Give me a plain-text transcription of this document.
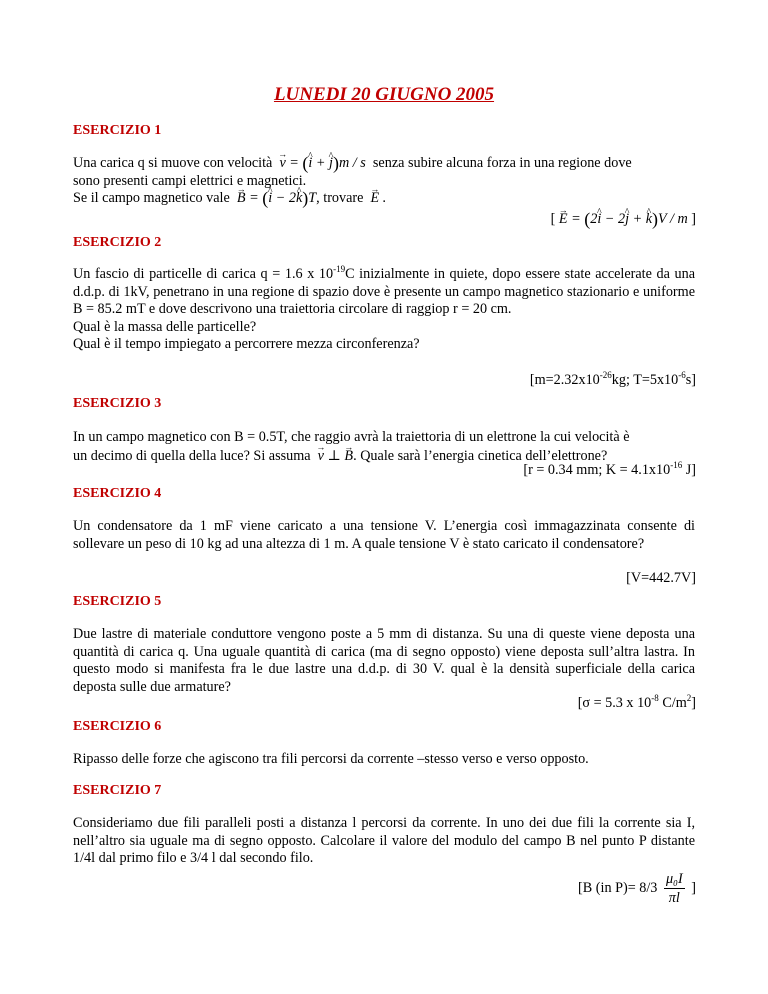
LUNEDI 20 GIUGNO 2005
ESERCIZIO 1
Una carica q si muove con velocità → v = (^ i + ^ j)m / s  senza subire alcuna forza in una regione dove
sono presenti campi elettrici e magnetici.
Se il campo magnetico vale → B = (^ i − 2^ k)T, trovare → E .
[ → E = (2^ i − 2^ j + ^ k)V / m ]
ESERCIZIO 2
Un fascio di particelle di carica q = 1.6 x $10^{-19}C$ inizialmente in quiete, dopo essere state accelerate da una d.d.p. di 1kV, penetrano in una regione di spazio dove è presente un campo magnetico stazionario e uniforme B = 85.2 mT e dove descrivono una traiettoria circolare di raggiop r = 20 cm.
Qual è la massa delle particelle?
Qual è il tempo impiegato a percorrere mezza circonferenza?
[$m=2.32x10^{-26}kg$; $T=5x10^{-6}s$]
ESERCIZIO 3
In un campo magnetico con B = 0.5T, che raggio avrà la traiettoria di un elettrone la cui velocità è
un decimo di quella della luce? Si assuma → v ⊥ → B. Quale sarà l’energia cinetica dell’elettrone?
[r = 0.34 mm; $K = 4.1x10^{-16}$ J]
ESERCIZIO 4
Un condensatore da 1 mF viene caricato a una tensione V. L’energia così immagazzinata consente di sollevare un peso di 10 kg ad una altezza di 1 m. A quale tensione V è stato caricato il condensatore?
[V=442.7V]
ESERCIZIO 5
Due lastre di materiale conduttore vengono poste a 5 mm di distanza. Su una di queste viene deposta una quantità di carica q. Una uguale quantità di carica (ma di segno opposto) viene deposta sull’altra lastra. In questo modo si manifesta fra le due lastre una d.d.p. di 30 V. qual è la densità superficiale della carica deposta sulle due armature?
[σ = 5.3 x $10^{-8}$ $C/m^2$]
ESERCIZIO 6
Ripasso delle forze che agiscono tra fili percorsi da corrente –stesso verso e verso opposto.
ESERCIZIO 7
Consideriamo due fili paralleli posti a distanza l percorsi da corrente. In uno dei due fili la corrente sia I, nell’altro sia uguale ma di segno opposto. Calcolare il valore del modulo del campo B nel punto P distante 1/4l dal primo filo e 3/4 l dal secondo filo.
[B (in $P)= 8/3 \frac{\text{μ₀I}}{\pi l}$ ]
